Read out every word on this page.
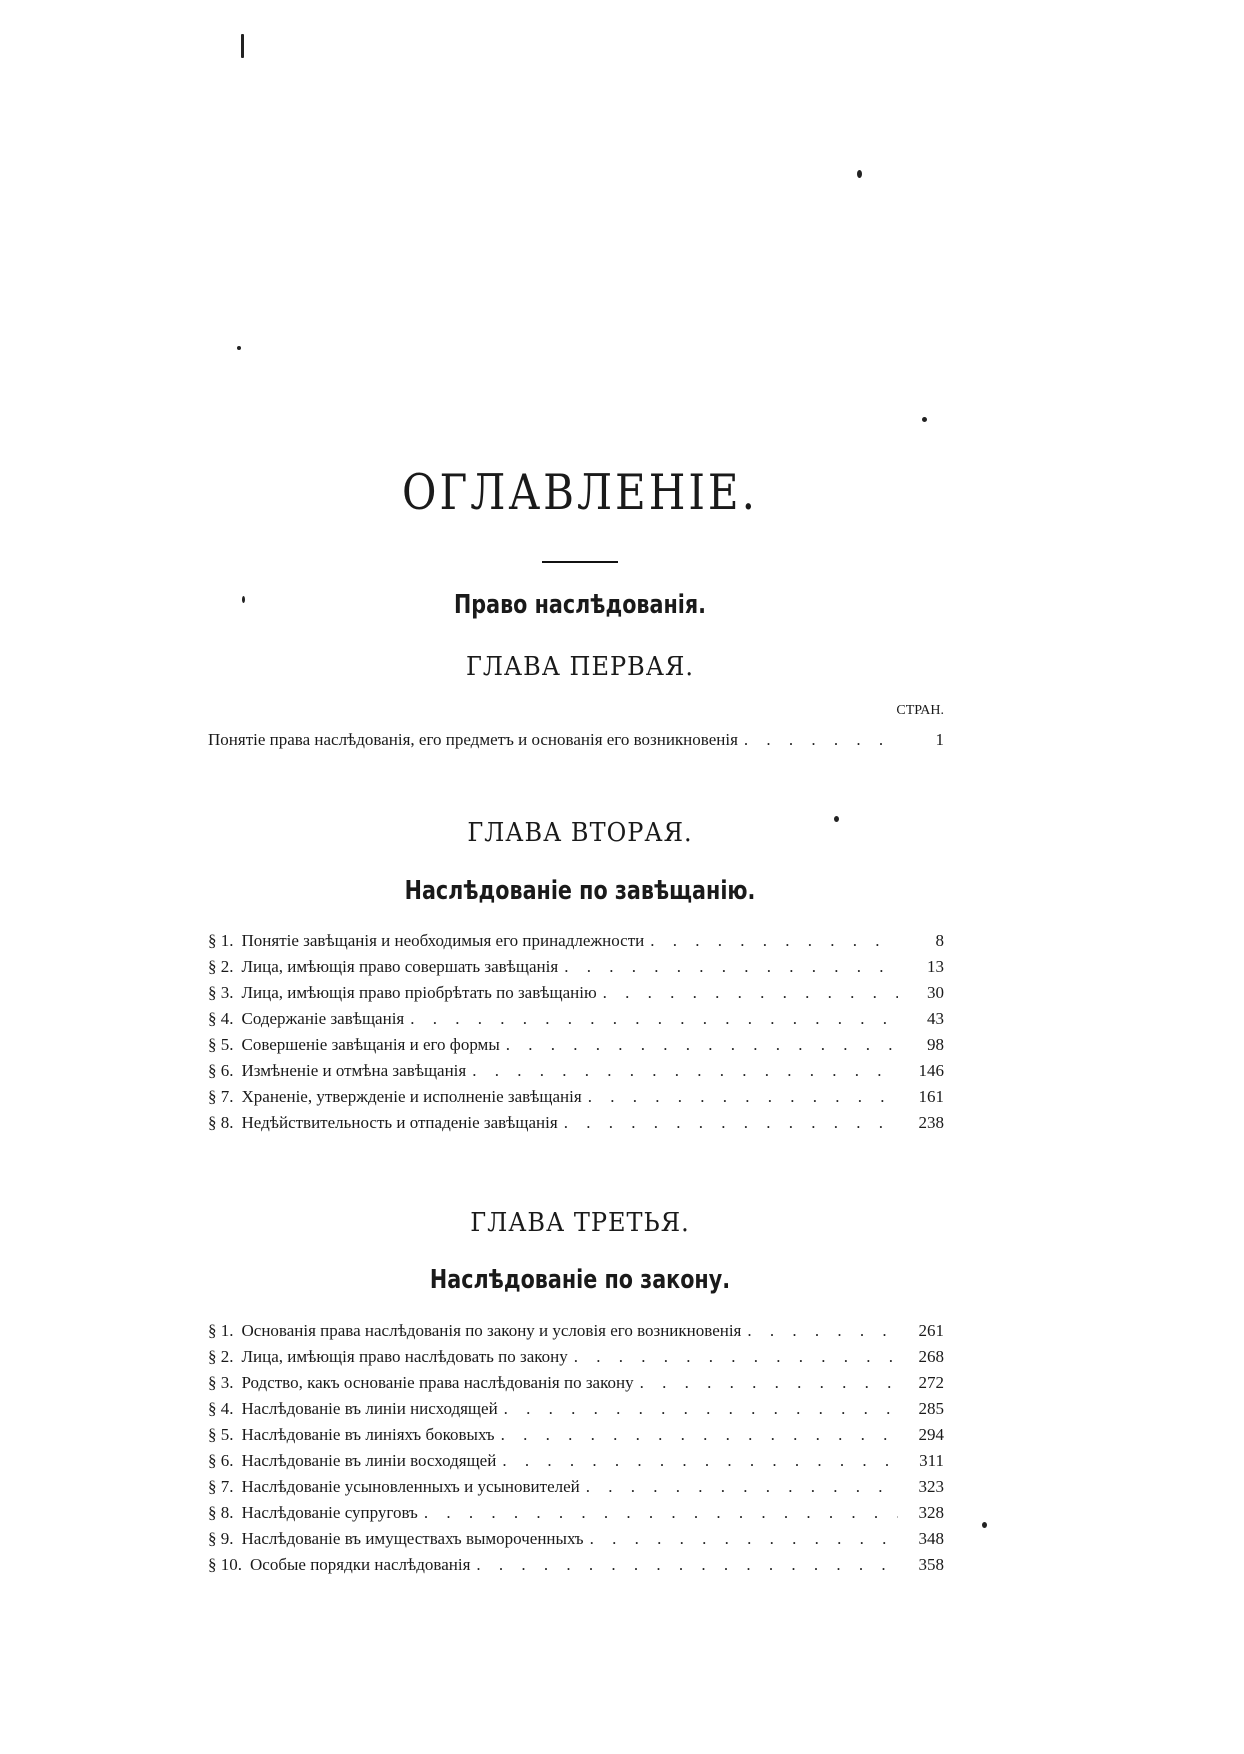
ОГЛАВЛЕНІЕ.
Право наслѣдованія.
ГЛАВА ПЕРВАЯ.
СТРАН.
Понятіе права наслѣдованія, его предметъ и основанія его возникновенія . . .	1
ГЛАВА ВТОРАЯ.
Наслѣдованіе по завѣщанію.
§ 1. Понятіе завѣщанія и необходимыя его принадлежности . . .	8
§ 2. Лица, имѣющія право совершать завѣщанія . . .	13
§ 3. Лица, имѣющія право пріобрѣтать по завѣщанію . . .	30
§ 4. Содержаніе завѣщанія . . .	43
§ 5. Совершеніе завѣщанія и его формы . . .	98
§ 6. Измѣненіе и отмѣна завѣщанія . . .	146
§ 7. Храненіе, утвержденіе и исполненіе завѣщанія . . .	161
§ 8. Недѣйствительность и отпаденіе завѣщанія . . .	238
ГЛАВА ТРЕТЬЯ.
Наслѣдованіе по закону.
§ 1. Основанія права наслѣдованія по закону и условія его возникновенія . . .	261
§ 2. Лица, имѣющія право наслѣдовать по закону . . .	268
§ 3. Родство, какъ основаніе права наслѣдованія по закону . . .	272
§ 4. Наслѣдованіе въ линіи нисходящей . . .	285
§ 5. Наслѣдованіе въ линіяхъ боковыхъ . . .	294
§ 6. Наслѣдованіе въ линіи восходящей . . .	311
§ 7. Наслѣдованіе усыновленныхъ и усыновителей . . .	323
§ 8. Наслѣдованіе супруговъ . . .	328
§ 9. Наслѣдованіе въ имуществахъ вымороченныхъ . . .	348
§ 10. Особые порядки наслѣдованія . . .	358
